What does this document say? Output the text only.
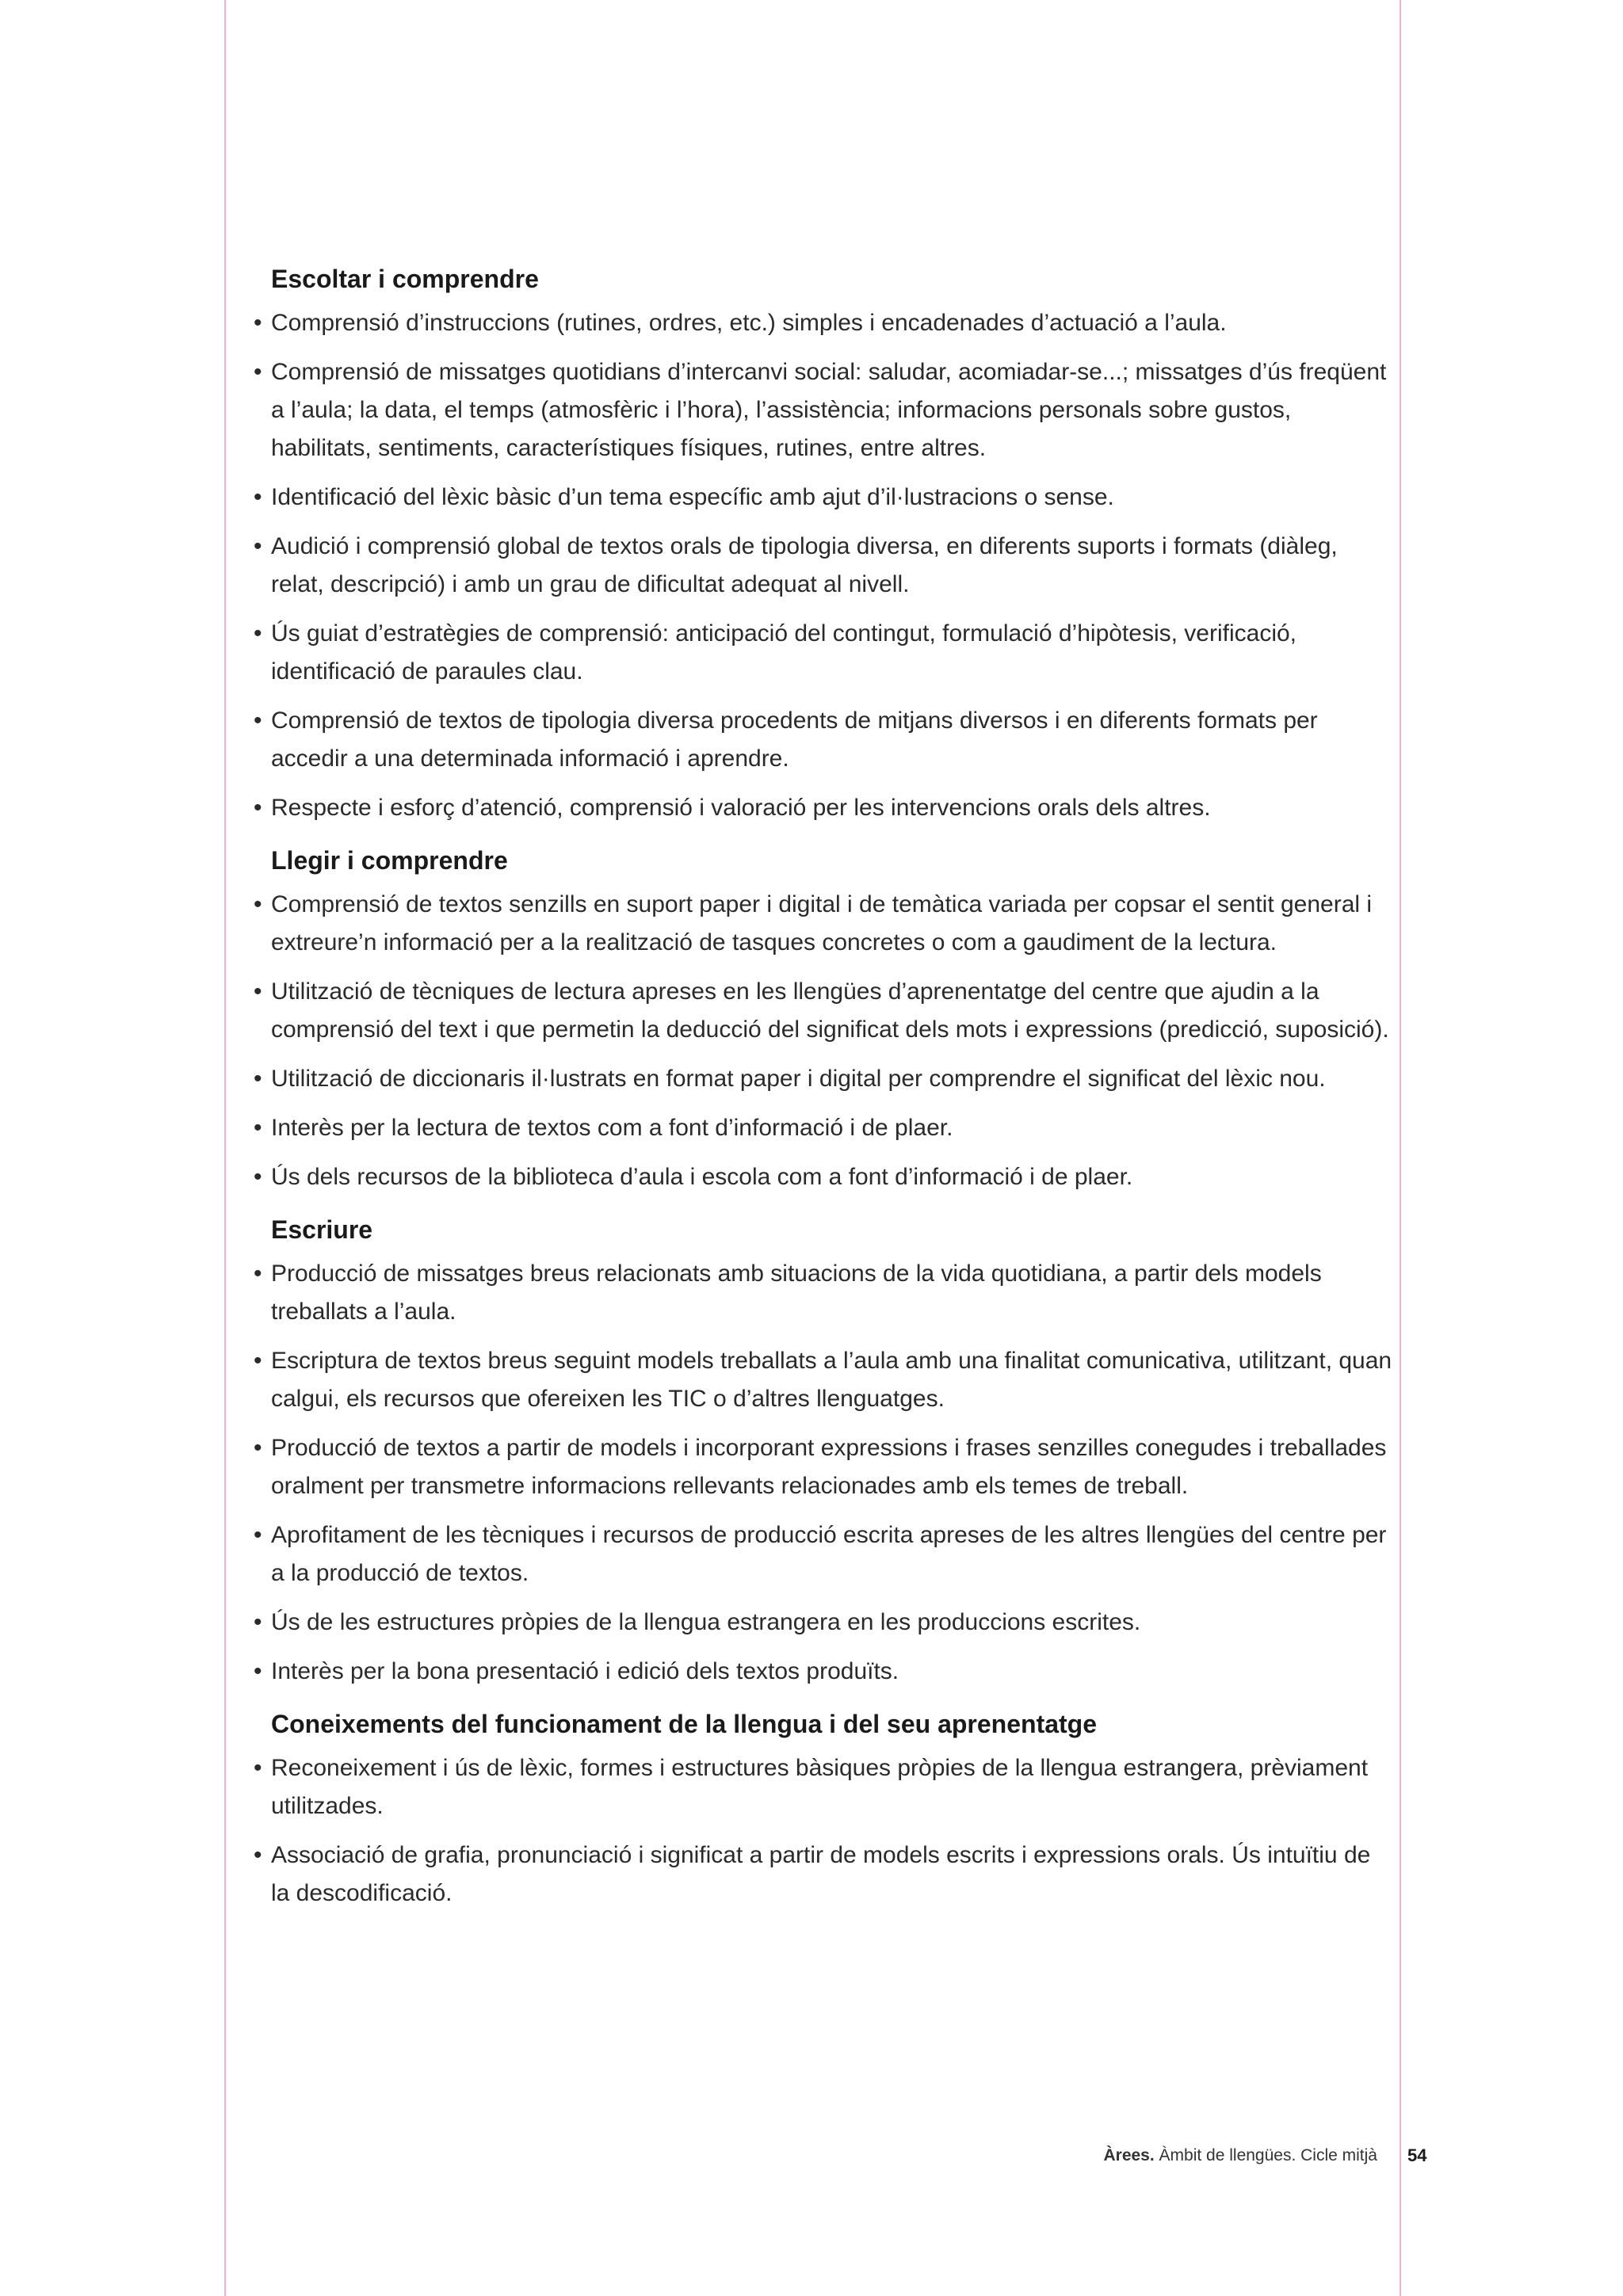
Escoltar i comprendre
• Comprensió d’instruccions (rutines, ordres, etc.) simples i encadenades d’actuació a l’aula.
• Comprensió de missatges quotidians d’intercanvi social: saludar, acomiadar-se...; missatges d’ús freqüent a l’aula; la data, el temps (atmosfèric i l’hora), l’assistència; informacions personals sobre gustos, habilitats, sentiments, característiques físiques, rutines, entre altres.
• Identificació del lèxic bàsic d’un tema específic amb ajut d’il·lustracions o sense.
• Audició i comprensió global de textos orals de tipologia diversa, en diferents suports i formats (diàleg, relat, descripció) i amb un grau de dificultat adequat al nivell.
• Ús guiat d’estratègies de comprensió: anticipació del contingut, formulació d’hipòtesis, verificació, identificació de paraules clau.
• Comprensió de textos de tipologia diversa procedents de mitjans diversos i en diferents formats per accedir a una determinada informació i aprendre.
• Respecte i esforç d’atenció, comprensió i valoració per les intervencions orals dels altres.
Llegir i comprendre
• Comprensió de textos senzills en suport paper i digital i de temàtica variada per copsar el sentit general i extreure’n informació per a la realització de tasques concretes o com a gaudiment de la lectura.
• Utilització de tècniques de lectura apreses en les llengües d’aprenentatge del centre que ajudin a la comprensió del text i que permetin la deducció del significat dels mots i expressions (predicció, suposició).
• Utilització de diccionaris il·lustrats en format paper i digital per comprendre el significat del lèxic nou.
• Interès per la lectura de textos com a font d’informació i de plaer.
• Ús dels recursos de la biblioteca d’aula i escola com a font d’informació i de plaer.
Escriure
• Producció de missatges breus relacionats amb situacions de la vida quotidiana, a partir dels models treballats a l’aula.
• Escriptura de textos breus seguint models treballats a l’aula amb una finalitat comunicativa, utilitzant, quan calgui, els recursos que ofereixen les TIC o d’altres llenguatges.
• Producció de textos a partir de models i incorporant expressions i frases senzilles conegudes i treballades oralment per transmetre informacions rellevants relacionades amb els temes de treball.
• Aprofitament de les tècniques i recursos de producció escrita apreses de les altres llengües del centre per a la producció de textos.
• Ús de les estructures pròpies de la llengua estrangera en les produccions escrites.
• Interès per la bona presentació i edició dels textos produïts.
Coneixements del funcionament de la llengua i del seu aprenentatge
• Reconeixement i ús de lèxic, formes i estructures bàsiques pròpies de la llengua estrangera, prèviament utilitzades.
• Associació de grafia, pronunciació i significat a partir de models escrits i expressions orals. Ús intuïtiu de la descodificació.
Àrees. Àmbit de llengües. Cicle mitjà 54
